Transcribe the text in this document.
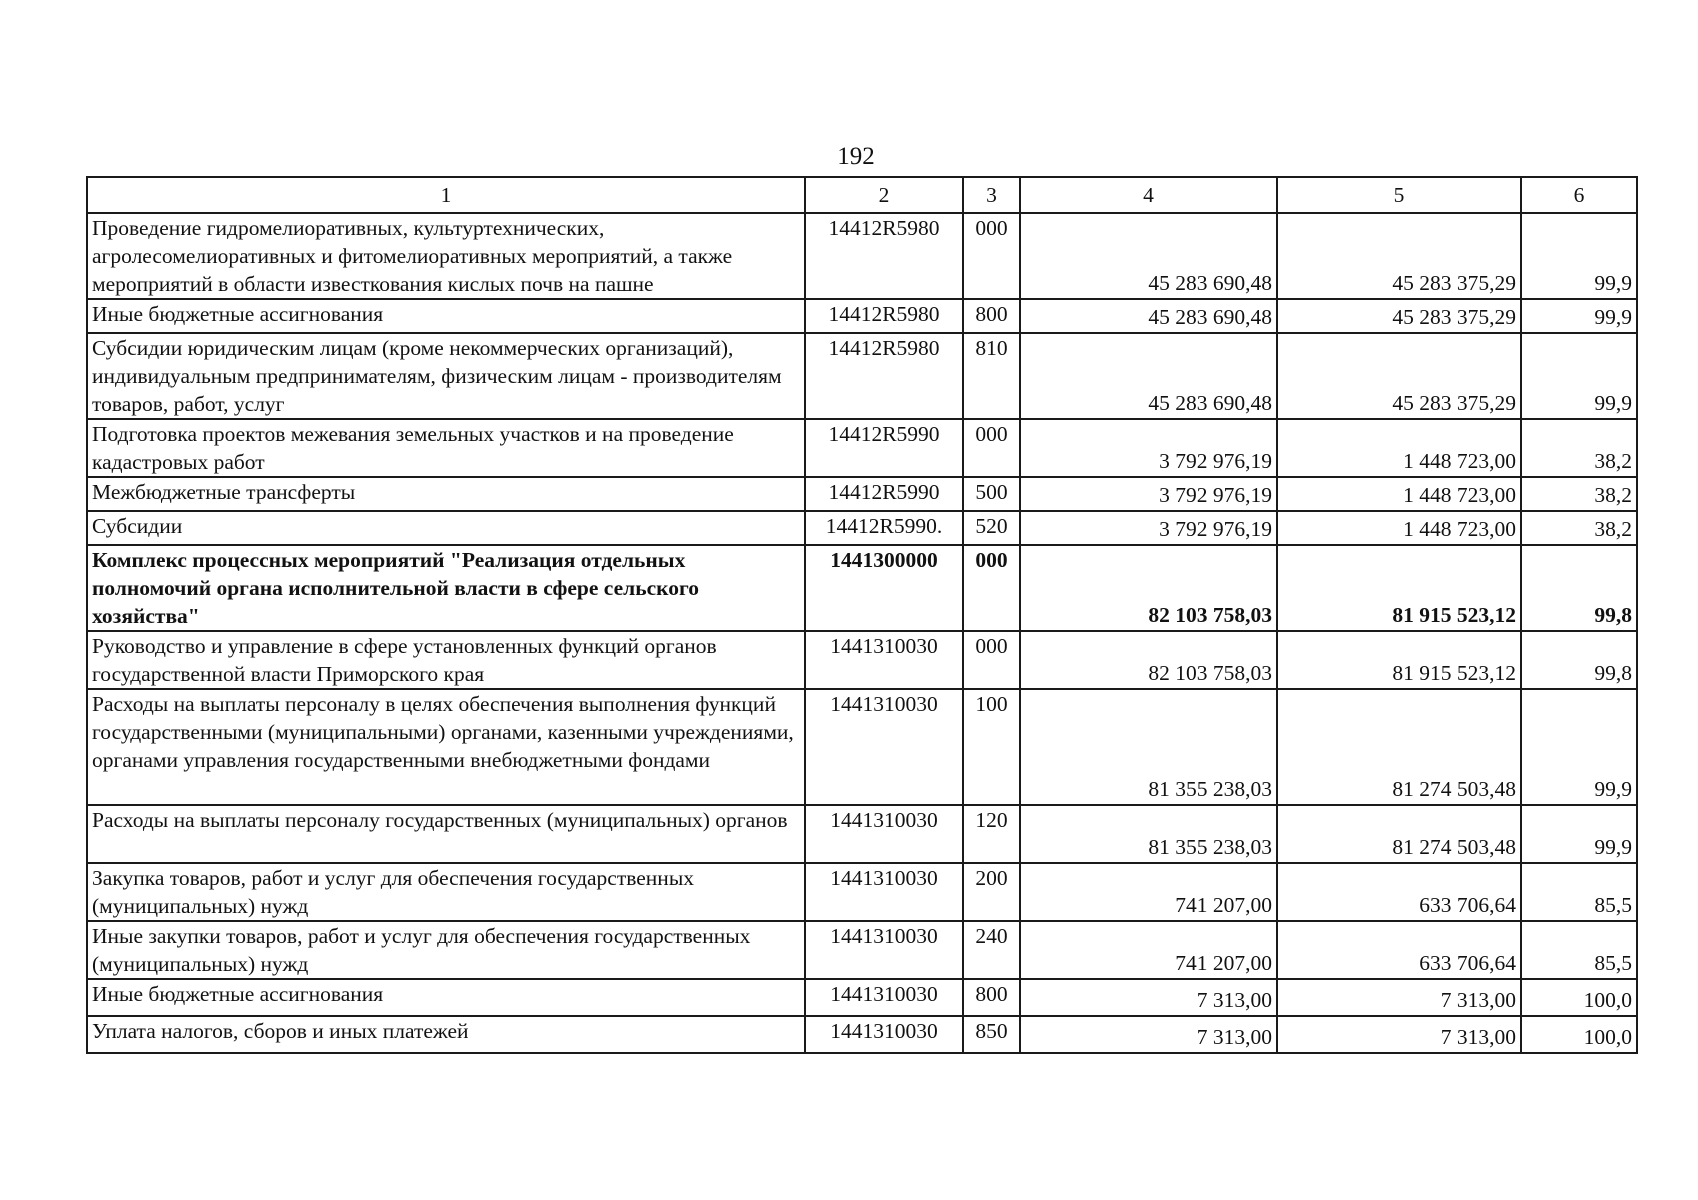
192
1	2	3	4	5	6
Проведение гидромелиоративных, культуртехнических, агролесомелиоративных и фитомелиоративных мероприятий, а также мероприятий в области известкования кислых почв на пашне	14412R5980	000	45 283 690,48	45 283 375,29	99,9
Иные бюджетные ассигнования	14412R5980	800	45 283 690,48	45 283 375,29	99,9
Субсидии юридическим лицам (кроме некоммерческих организаций), индивидуальным предпринимателям, физическим лицам - производителям товаров, работ, услуг	14412R5980	810	45 283 690,48	45 283 375,29	99,9
Подготовка проектов межевания земельных участков и на проведение кадастровых работ	14412R5990	000	3 792 976,19	1 448 723,00	38,2
Межбюджетные трансферты	14412R5990	500	3 792 976,19	1 448 723,00	38,2
Субсидии	14412R5990.	520	3 792 976,19	1 448 723,00	38,2
Комплекс процессных мероприятий "Реализация отдельных полномочий органа исполнительной власти в сфере сельского хозяйства"	1441300000	000	82 103 758,03	81 915 523,12	99,8
Руководство и управление в сфере установленных функций органов государственной власти Приморского края	1441310030	000	82 103 758,03	81 915 523,12	99,8
Расходы на выплаты персоналу в целях обеспечения выполнения функций государственными (муниципальными) органами, казенными учреждениями, органами управления государственными внебюджетными фондами	1441310030	100	81 355 238,03	81 274 503,48	99,9
Расходы на выплаты персоналу государственных (муниципальных) органов	1441310030	120	81 355 238,03	81 274 503,48	99,9
Закупка товаров, работ и услуг для обеспечения государственных (муниципальных) нужд	1441310030	200	741 207,00	633 706,64	85,5
Иные закупки товаров, работ и услуг для обеспечения государственных (муниципальных) нужд	1441310030	240	741 207,00	633 706,64	85,5
Иные бюджетные ассигнования	1441310030	800	7 313,00	7 313,00	100,0
Уплата налогов, сборов и иных платежей	1441310030	850	7 313,00	7 313,00	100,0
